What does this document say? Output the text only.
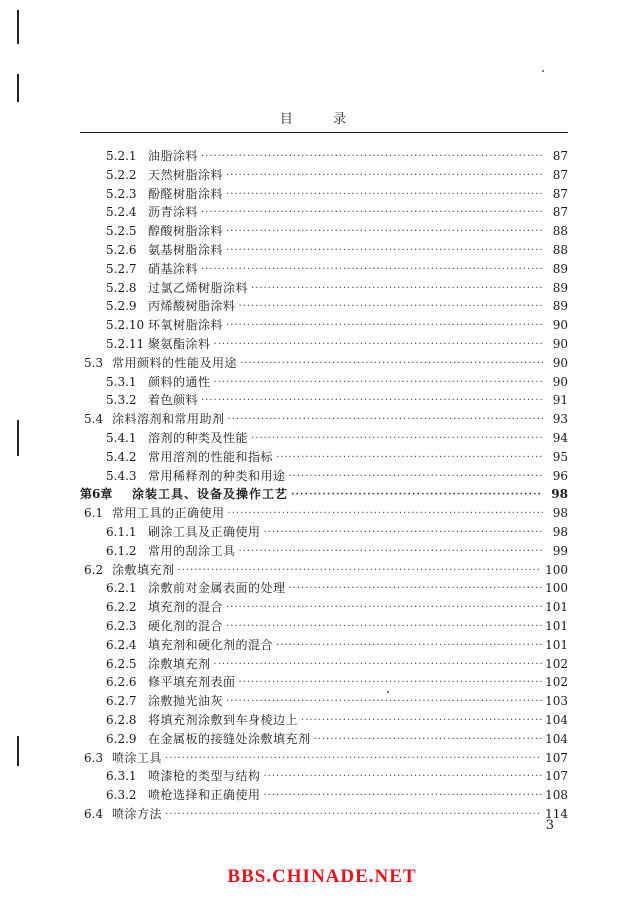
目 录
5.2.1 油脂涂料 ·····	87
5.2.2 天然树脂涂料 ·····	87
5.2.3 酚醛树脂涂料 ·····	87
5.2.4 沥青涂料 ·····	87
5.2.5 醇酸树脂涂料 ·····	88
5.2.6 氨基树脂涂料 ·····	88
5.2.7 硝基涂料 ·····	89
5.2.8 过氯乙烯树脂涂料 ·····	89
5.2.9 丙烯酸树脂涂料 ·····	89
5.2.10 环氧树脂涂料 ·····	90
5.2.11 聚氨酯涂料 ·····	90
5.3 常用颜料的性能及用途 ·····	90
5.3.1 颜料的通性 ·····	90
5.3.2 着色颜料 ·····	91
5.4 涂料溶剂和常用助剂 ·····	93
5.4.1 溶剂的种类及性能 ·····	94
5.4.2 常用溶剂的性能和指标 ·····	95
5.4.3 常用稀释剂的种类和用途 ·····	96
第6章	涂装工具、设备及操作工艺 ·····	98
6.1 常用工具的正确使用 ·····	98
6.1.1 刷涂工具及正确使用 ·····	98
6.1.2 常用的刮涂工具 ·····	99
6.2 涂敷填充剂 ·····	100
6.2.1 涂敷前对金属表面的处理 ·····	100
6.2.2 填充剂的混合 ·····	101
6.2.3 硬化剂的混合 ·····	101
6.2.4 填充剂和硬化剂的混合 ·····	101
6.2.5 涂敷填充剂 ·····	102
6.2.6 修平填充剂表面 ·····	102
6.2.7 涂敷抛光油灰 ·····	103
6.2.8 将填充剂涂敷到车身棱边上 ·····	104
6.2.9 在金属板的接缝处涂敷填充剂 ·····	104
6.3 喷涂工具 ·····	107
6.3.1 喷漆枪的类型与结构 ·····	107
6.3.2 喷枪选择和正确使用 ·····	108
6.4 喷涂方法 ·····	114
3
BBS.CHINADE.NET
